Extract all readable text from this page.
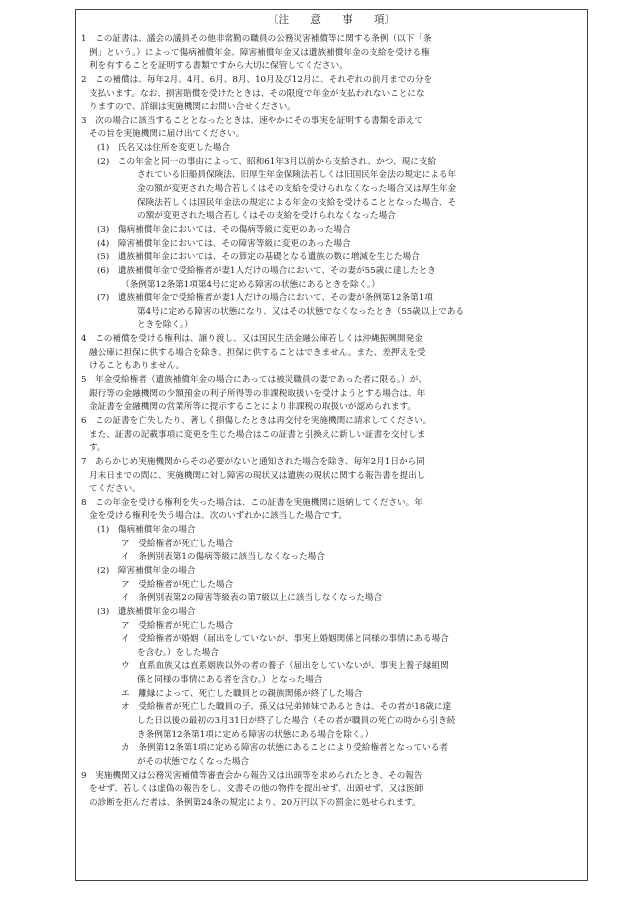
〔注　　意　　事　　項〕
1　この証書は、議会の議員その他非常勤の職員の公務災害補償等に関する条例（以下「条
例」という。）によって傷病補償年金、障害補償年金又は遺族補償年金の支給を受ける権
利を有することを証明する書類ですから大切に保管してください。
2　この補償は、毎年2月、4月、6月、8月、10月及び12月に、それぞれの前月までの分を
支払います。なお、損害賠償を受けたときは、その限度で年金が支払われないことにな
りますので、詳細は実施機関にお問い合せください。
3　次の場合に該当することとなったときは、速やかにその事実を証明する書類を添えて
その旨を実施機関に届け出てください。
(1)　氏名又は住所を変更した場合
(2)　この年金と同一の事由によって、昭和61年3月以前から支給され、かつ、現に支給
されている旧船員保険法、旧厚生年金保険法若しくは旧国民年金法の規定による年
金の額が変更された場合若しくはその支給を受けられなくなった場合又は厚生年金
保険法若しくは国民年金法の規定による年金の支給を受けることとなった場合、そ
の額が変更された場合若しくはその支給を受けられなくなった場合
(3)　傷病補償年金においては、その傷病等級に変更のあった場合
(4)　障害補償年金においては、その障害等級に変更のあった場合
(5)　遺族補償年金においては、その算定の基礎となる遺族の数に増減を生じた場合
(6)　遺族補償年金で受給権者が妻1人だけの場合において、その妻が55歳に達したとき
（条例第12条第1項第4号に定める障害の状態にあるときを除く。）
(7)　遺族補償年金で受給権者が妻1人だけの場合において、その妻が条例第12条第1項
第4号に定める障害の状態になり、又はその状態でなくなったとき（55歳以上である
ときを除く。）
4　この補償を受ける権利は、譲り渡し、又は国民生活金融公庫若しくは沖縄振興開発金
融公庫に担保に供する場合を除き、担保に供することはできません。また、差押えを受
けることもありません。
5　年金受給権者（遺族補償年金の場合にあっては被災職員の妻であった者に限る。）が、
銀行等の金融機関の少額預金の利子所得等の非課税取扱いを受けようとする場合は、年
金証書を金融機関の営業所等に提示することにより非課税の取扱いが認められます。
6　この証書を亡失したり、著しく損傷したときは再交付を実施機関に請求してください。
また、証書の記載事項に変更を生じた場合はこの証書と引換えに新しい証書を交付しま
す。
7　あらかじめ実施機関からその必要がないと通知された場合を除き、毎年2月1日から同
月末日までの間に、実施機関に対し障害の現状又は遺族の現状に関する報告書を提出し
てください。
8　この年金を受ける権利を失った場合は、この証書を実施機関に返納してください。年
金を受ける権利を失う場合は、次のいずれかに該当した場合です。
(1)　傷病補償年金の場合
ア　受給権者が死亡した場合
イ　条例別表第1の傷病等級に該当しなくなった場合
(2)　障害補償年金の場合
ア　受給権者が死亡した場合
イ　条例別表第2の障害等級表の第7級以上に該当しなくなった場合
(3)　遺族補償年金の場合
ア　受給権者が死亡した場合
イ　受給権者が婚姻（届出をしていないが、事実上婚姻関係と同様の事情にある場合
を含む。）をした場合
ウ　直系血族又は直系姻族以外の者の養子（届出をしていないが、事実上養子縁組関
係と同様の事情にある者を含む。）となった場合
エ　離縁によって、死亡した職員との親族関係が終了した場合
オ　受給権者が死亡した職員の子、孫又は兄弟姉妹であるときは、その者が18歳に達
した日以後の最初の3月31日が終了した場合（その者が職員の死亡の時から引き続
き条例第12条第1項に定める障害の状態にある場合を除く。）
カ　条例第12条第1項に定める障害の状態にあることにより受給権者となっている者
がその状態でなくなった場合
9　実施機関又は公務災害補償等審査会から報告又は出頭等を求められたとき、その報告
をせず、若しくは虚偽の報告をし、文書その他の物件を提出せず、出頭せず、又は医師
の診断を拒んだ者は、条例第24条の規定により、20万円以下の罰金に処せられます。
